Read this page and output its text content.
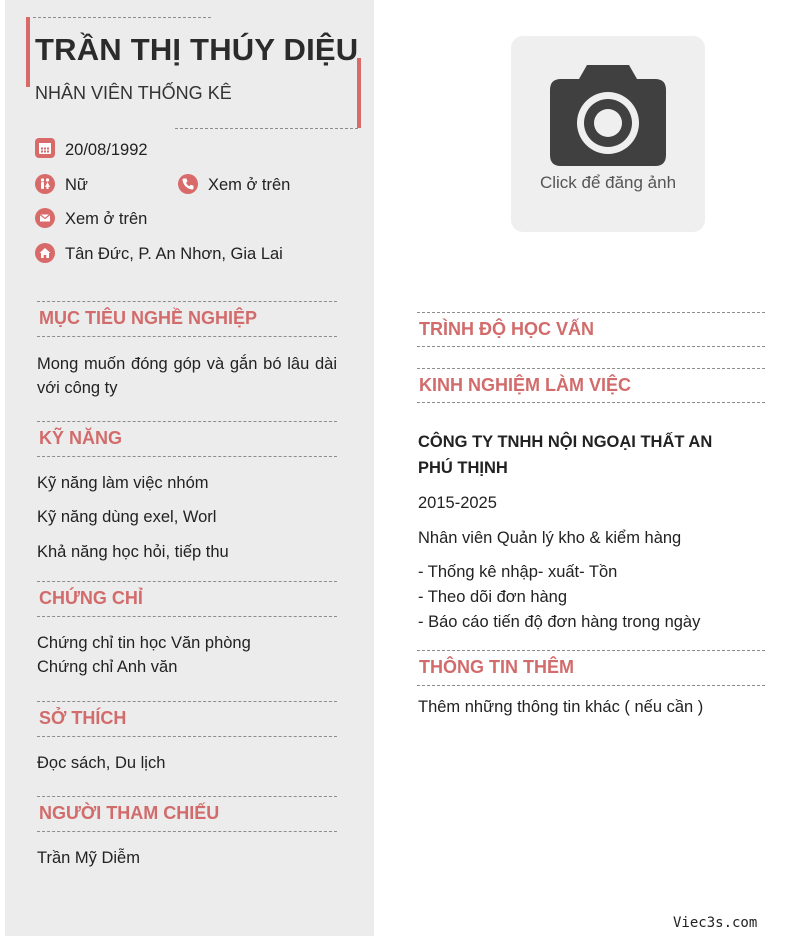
TRẦN THỊ THÚY DIỆU
NHÂN VIÊN THỐNG KÊ
20/08/1992
Nữ	Xem ở trên
Xem ở trên
Tân Đức, P. An Nhơn, Gia Lai
MỤC TIÊU NGHỀ NGHIỆP
Mong muốn đóng góp và gắn bó lâu dài với công ty
KỸ NĂNG
Kỹ năng làm việc nhóm
Kỹ năng dùng exel, Worl
Khả năng học hỏi, tiếp thu
CHỨNG CHỈ
Chứng chỉ tin học Văn phòng
Chứng chỉ Anh văn
SỞ THÍCH
Đọc sách, Du lịch
NGƯỜI THAM CHIẾU
Trần Mỹ Diễm
Click để đăng ảnh
TRÌNH ĐỘ HỌC VẤN
KINH NGHIỆM LÀM VIỆC
CÔNG TY TNHH NỘI NGOẠI THẤT AN PHÚ THỊNH
2015-2025
Nhân viên Quản lý kho & kiểm hàng
- Thống kê nhập- xuất- Tồn
- Theo dõi đơn hàng
- Báo cáo tiến độ đơn hàng trong ngày
THÔNG TIN THÊM
Thêm những thông tin khác ( nếu cần )
Viec3s.com
